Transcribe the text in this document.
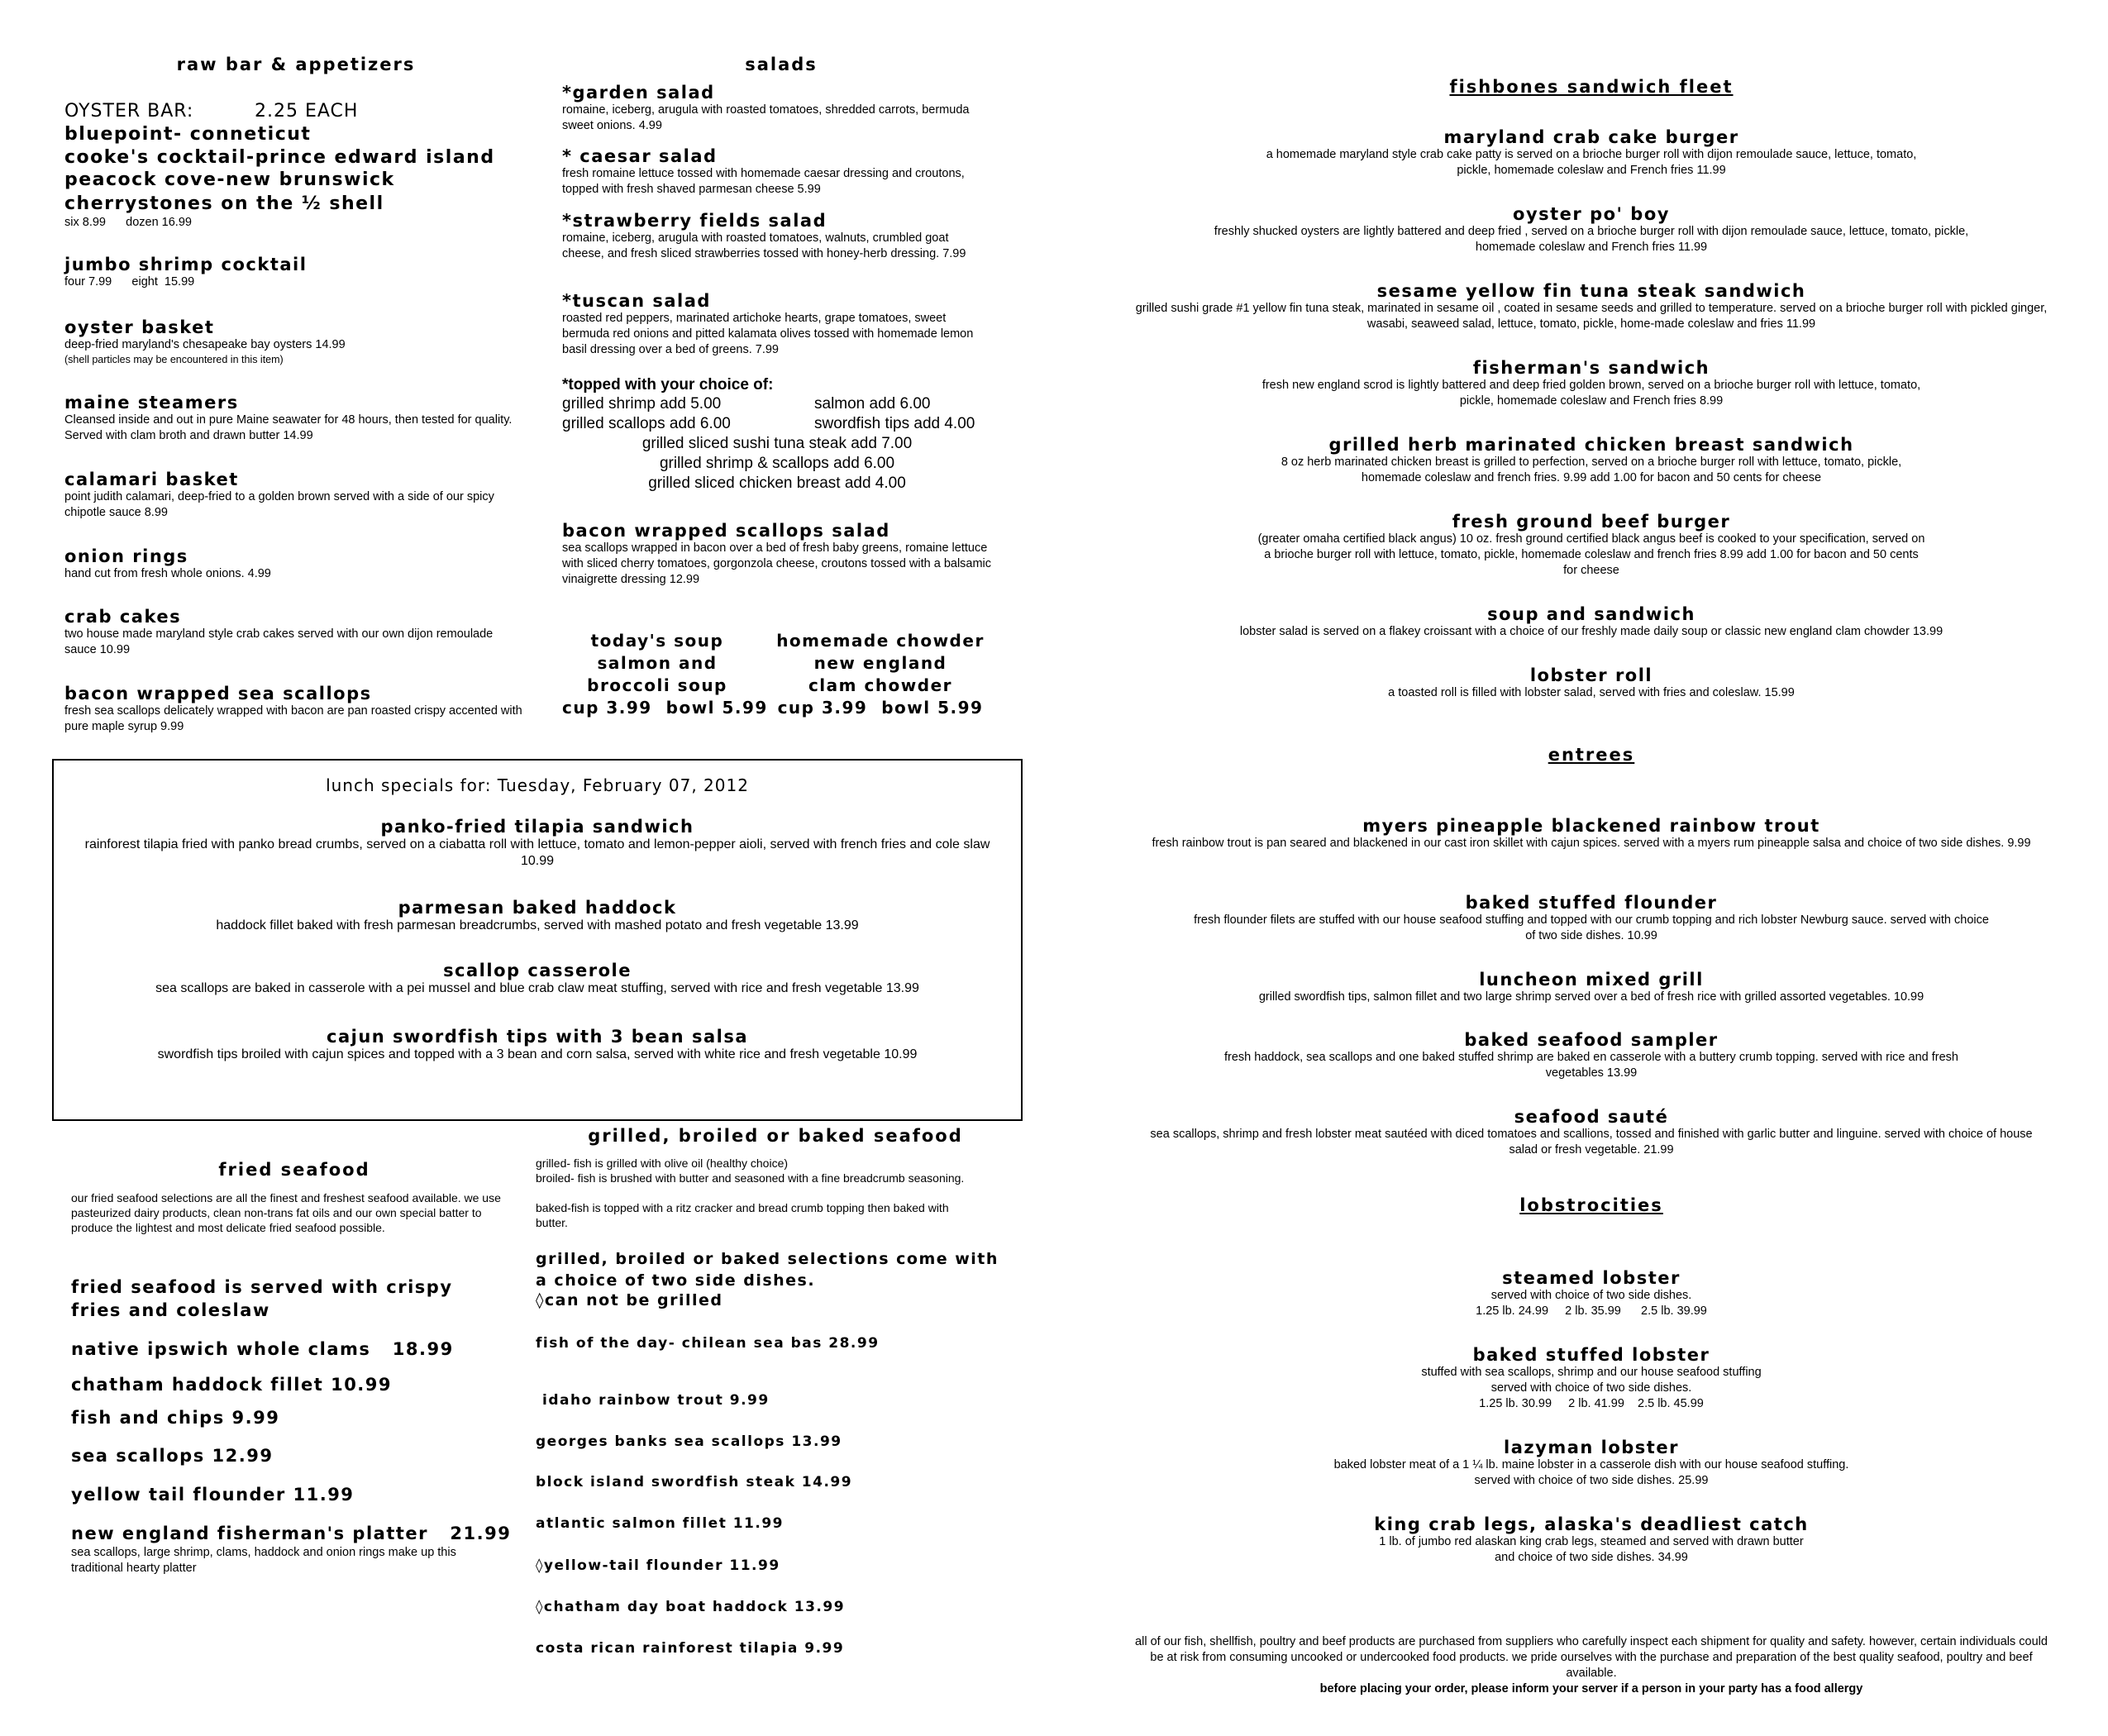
raw bar & appetizers
OYSTER BAR:	2.25 EACH
bluepoint- conneticut
cooke's cocktail-prince edward island
peacock cove-new brunswick
cherrystones on the ½ shell
six 8.99      dozen 16.99
jumbo shrimp cocktail
four 7.99      eight  15.99
oyster basket
deep-fried maryland's chesapeake bay oysters 14.99
(shell particles may be encountered in this item)
maine steamers
Cleansed inside and out in pure Maine seawater for 48 hours, then tested for quality. Served with clam broth and drawn butter 14.99
calamari basket
point judith calamari, deep-fried to a golden brown served with a side of our spicy chipotle sauce 8.99
onion rings
hand cut from fresh whole onions. 4.99
crab cakes
two house made maryland style crab cakes served with our own dijon remoulade sauce 10.99
bacon wrapped sea scallops
fresh sea scallops delicately wrapped with bacon are pan roasted crispy accented with pure maple syrup 9.99
salads
*garden salad
romaine, iceberg, arugula with roasted tomatoes, shredded carrots, bermuda sweet onions. 4.99
* caesar salad
fresh romaine lettuce tossed with homemade caesar dressing and croutons, topped with fresh shaved parmesan cheese 5.99
*strawberry fields salad
romaine, iceberg, arugula with roasted tomatoes, walnuts, crumbled goat cheese, and fresh sliced strawberries tossed with honey-herb dressing. 7.99
*tuscan salad
roasted red peppers, marinated artichoke hearts, grape tomatoes, sweet bermuda red onions and pitted kalamata olives tossed with homemade lemon basil dressing over a bed of greens. 7.99
*topped with your choice of:
grilled shrimp add 5.00
grilled scallops add 6.00
salmon add 6.00
swordfish tips add 4.00
grilled sliced sushi tuna steak add 7.00
grilled shrimp & scallops add 6.00
grilled sliced chicken breast add 4.00
bacon wrapped scallops salad
sea scallops wrapped in bacon over a bed of fresh baby greens, romaine lettuce with sliced cherry tomatoes, gorgonzola cheese, croutons tossed with a balsamic vinaigrette dressing 12.99
today's soup
salmon and
broccoli soup
cup 3.99  bowl 5.99
homemade chowder
new england
clam chowder
cup 3.99  bowl 5.99
lunch specials for: Tuesday, February 07, 2012
panko-fried tilapia sandwich
rainforest tilapia fried with panko bread crumbs, served on a ciabatta roll with lettuce, tomato and lemon-pepper aioli, served with french fries and cole slaw 10.99
parmesan baked haddock
haddock fillet baked with fresh parmesan breadcrumbs, served with mashed potato and fresh vegetable 13.99
scallop casserole
sea scallops are baked in casserole with a pei mussel and blue crab claw meat stuffing, served with rice and fresh vegetable 13.99
cajun swordfish tips with 3 bean salsa
swordfish tips broiled with cajun spices and topped with a 3 bean and corn salsa, served with white rice and fresh vegetable 10.99
fried seafood
our fried seafood selections are all the finest and freshest seafood available. we use pasteurized dairy products, clean non-trans fat oils and our own special batter to produce the lightest and most delicate fried seafood possible.
fried seafood is served with crispy fries and coleslaw
native ipswich whole clams   18.99
chatham haddock fillet 10.99
fish and chips 9.99
sea scallops 12.99
yellow tail flounder 11.99
new england fisherman's platter   21.99
sea scallops, large shrimp, clams, haddock and onion rings make up this traditional hearty platter
grilled, broiled or baked seafood
grilled- fish is grilled with olive oil (healthy choice)
broiled- fish is brushed with butter and seasoned with a fine breadcrumb seasoning.
baked-fish is topped with a ritz cracker and bread crumb topping then baked with butter.
grilled, broiled or baked selections come with a choice of two side dishes.
◊can not be grilled
fish of the day- chilean sea bas 28.99
idaho rainbow trout 9.99
georges banks sea scallops 13.99
block island swordfish steak 14.99
atlantic salmon fillet 11.99
◊yellow-tail flounder 11.99
◊chatham day boat haddock 13.99
costa rican rainforest tilapia 9.99
fishbones sandwich fleet
maryland crab cake burger
a homemade maryland style crab cake patty is served on a brioche burger roll with dijon remoulade sauce, lettuce, tomato, pickle, homemade coleslaw and French fries 11.99
oyster po' boy
freshly shucked oysters are lightly battered and deep fried , served on a brioche burger roll with dijon remoulade sauce, lettuce, tomato, pickle, homemade coleslaw and French fries 11.99
sesame yellow fin tuna steak sandwich
grilled sushi grade #1 yellow fin tuna steak, marinated in sesame oil , coated in sesame seeds and grilled to temperature. served on a brioche burger roll with pickled ginger, wasabi, seaweed salad, lettuce, tomato, pickle, home-made coleslaw and fries 11.99
fisherman's sandwich
fresh new england scrod is lightly battered and deep fried golden brown, served on a brioche burger roll with lettuce, tomato, pickle, homemade coleslaw and French fries 8.99
grilled herb marinated chicken breast sandwich
8 oz herb marinated chicken breast is grilled to perfection, served on a brioche burger roll with lettuce, tomato, pickle, homemade coleslaw and french fries. 9.99 add 1.00 for bacon and 50 cents for cheese
fresh ground beef burger
(greater omaha certified black angus) 10 oz. fresh ground certified black angus beef is cooked to your specification, served on a brioche burger roll with lettuce, tomato, pickle, homemade coleslaw and french fries 8.99 add 1.00 for bacon and 50 cents for cheese
soup and sandwich
lobster salad is served on a flakey croissant with a choice of our freshly made daily soup or classic new england clam chowder 13.99
lobster roll
a toasted roll is filled with lobster salad, served with fries and coleslaw. 15.99
entrees
myers pineapple blackened rainbow trout
fresh rainbow trout is pan seared and blackened in our cast iron skillet with cajun spices. served with a myers rum pineapple salsa and choice of two side dishes. 9.99
baked stuffed flounder
fresh flounder filets are stuffed with our house seafood stuffing and topped with our crumb topping and rich lobster Newburg sauce. served with choice of two side dishes. 10.99
luncheon mixed grill
grilled swordfish tips, salmon fillet and two large shrimp served over a bed of fresh rice with grilled assorted vegetables. 10.99
baked seafood sampler
fresh haddock, sea scallops and one baked stuffed shrimp are baked en casserole with a buttery crumb topping. served with rice and fresh vegetables 13.99
seafood sauté
sea scallops, shrimp and fresh lobster meat sautéed with diced tomatoes and scallions, tossed and finished with garlic butter and linguine. served with choice of house salad or fresh vegetable. 21.99
lobstrocities
steamed lobster
served with choice of two side dishes.
1.25 lb. 24.99     2 lb. 35.99      2.5 lb. 39.99
baked stuffed lobster
stuffed with sea scallops, shrimp and our house seafood stuffing
served with choice of two side dishes.
1.25 lb. 30.99     2 lb. 41.99    2.5 lb. 45.99
lazyman lobster
baked lobster meat of a 1 ¼ lb. maine lobster in a casserole dish with our house seafood stuffing.
served with choice of two side dishes. 25.99
king crab legs, alaska's deadliest catch
1 lb. of jumbo red alaskan king crab legs, steamed and served with drawn butter
and choice of two side dishes. 34.99
all of our fish, shellfish, poultry and beef products are purchased from suppliers who carefully inspect each shipment for quality and safety. however, certain individuals could be at risk from consuming uncooked or undercooked food products. we pride ourselves with the purchase and preparation of the best quality seafood, poultry and beef available.
before placing your order, please inform your server if a person in your party has a food allergy
